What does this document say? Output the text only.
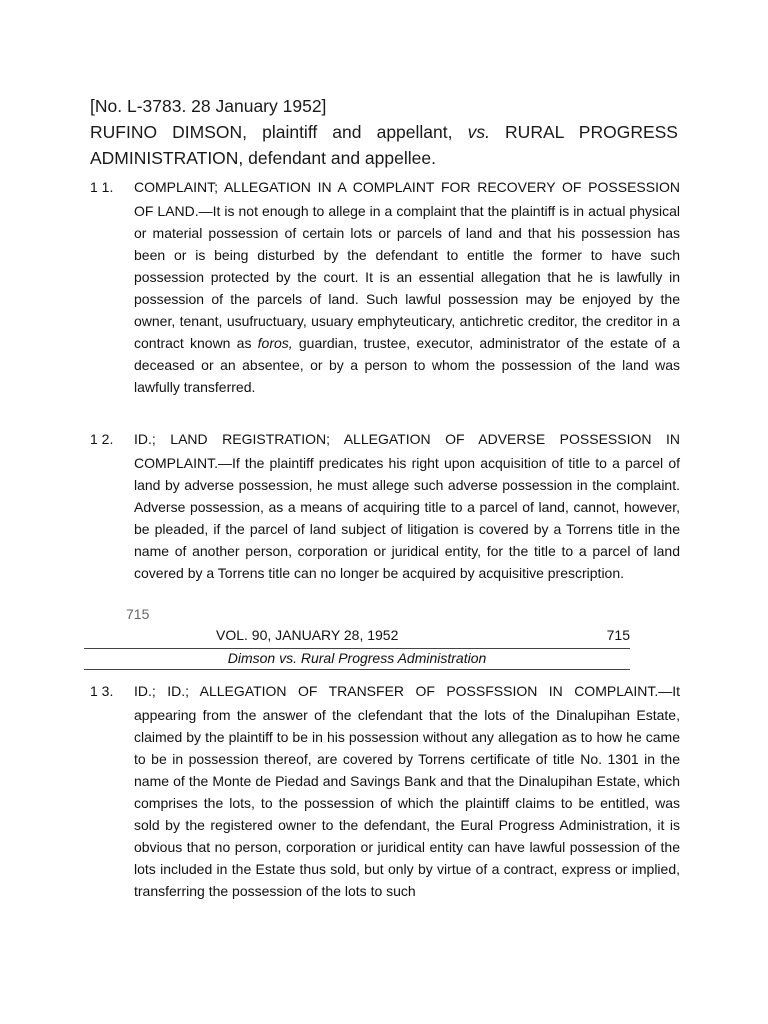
[No. L-3783. 28 January 1952]
RUFINO DIMSON, plaintiff and appellant, vs. RURAL PROGRESS
ADMINISTRATION, defendant and appellee.
1 1. COMPLAINT; ALLEGATION IN A COMPLAINT FOR RECOVERY OF POSSESSION
OF LAND.—It is not enough to allege in a complaint that the plaintiff is in actual physical or material possession of certain lots or parcels of land and that his possession has been or is being disturbed by the defendant to entitle the former to have such possession protected by the court. It is an essential allegation that he is lawfully in possession of the parcels of land. Such lawful possession may be enjoyed by the owner, tenant, usufructuary, usuary emphyteuticary, antichretic creditor, the creditor in a contract known as foros, guardian, trustee, executor, administrator of the estate of a deceased or an absentee, or by a person to whom the possession of the land was lawfully transferred.
1 2. ID.; LAND REGISTRATION; ALLEGATION OF ADVERSE POSSESSION IN
COMPLAINT.—If the plaintiff predicates his right upon acquisition of title to a parcel of land by adverse possession, he must allege such adverse possession in the complaint. Adverse possession, as a means of acquiring title to a parcel of land, cannot, however, be pleaded, if the parcel of land subject of litigation is covered by a Torrens title in the name of another person, corporation or juridical entity, for the title to a parcel of land covered by a Torrens title can no longer be acquired by acquisitive prescription.
715
VOL. 90, JANUARY 28, 1952	715
Dimson vs. Rural Progress Administration
1 3. ID.; ID.; ALLEGATION OF TRANSFER OF POSSFSSION IN COMPLAINT.—It
appearing from the answer of the clefendant that the lots of the Dinalupihan Estate, claimed by the plaintiff to be in his possession without any allegation as to how he came to be in possession thereof, are covered by Torrens certificate of title No. 1301 in the name of the Monte de Piedad and Savings Bank and that the Dinalupihan Estate, which comprises the lots, to the possession of which the plaintiff claims to be entitled, was sold by the registered owner to the defendant, the Eural Progress Administration, it is obvious that no person, corporation or juridical entity can have lawful possession of the lots included in the Estate thus sold, but only by virtue of a contract, express or implied, transferring the possession of the lots to such
